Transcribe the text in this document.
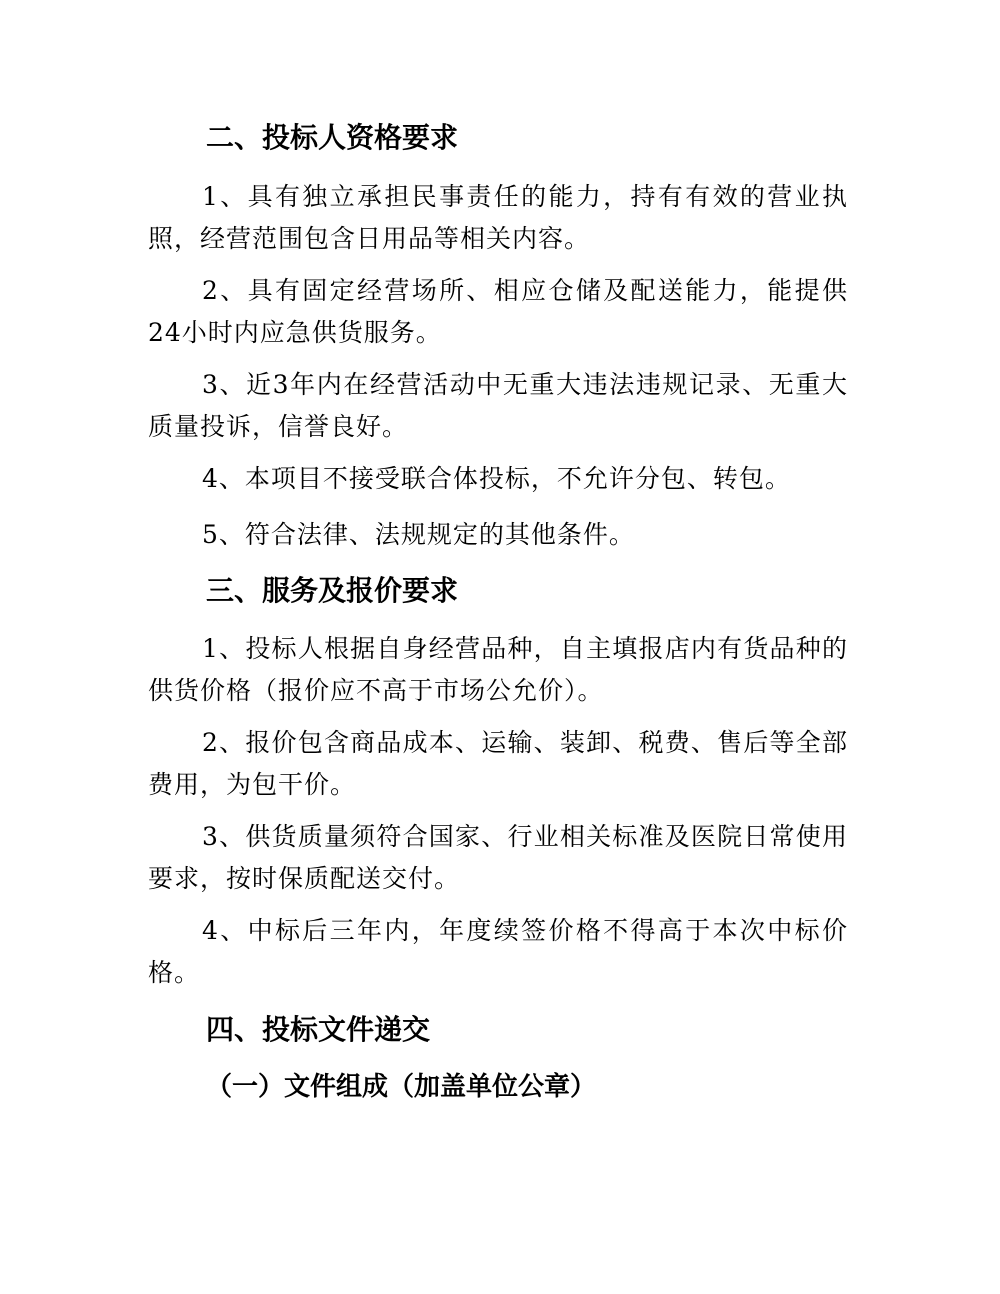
二、投标人资格要求

1、具有独立承担民事责任的能力，持有有效的营业执照，经营范围包含日用品等相关内容。

2、具有固定经营场所、相应仓储及配送能力，能提供24小时内应急供货服务。

3、近3年内在经营活动中无重大违法违规记录、无重大质量投诉，信誉良好。

4、本项目不接受联合体投标，不允许分包、转包。

5、符合法律、法规规定的其他条件。

三、服务及报价要求

1、投标人根据自身经营品种，自主填报店内有货品种的供货价格（报价应不高于市场公允价）。

2、报价包含商品成本、运输、装卸、税费、售后等全部费用，为包干价。

3、供货质量须符合国家、行业相关标准及医院日常使用要求，按时保质配送交付。

4、中标后三年内，年度续签价格不得高于本次中标价格。

四、投标文件递交
（一）文件组成（加盖单位公章）
